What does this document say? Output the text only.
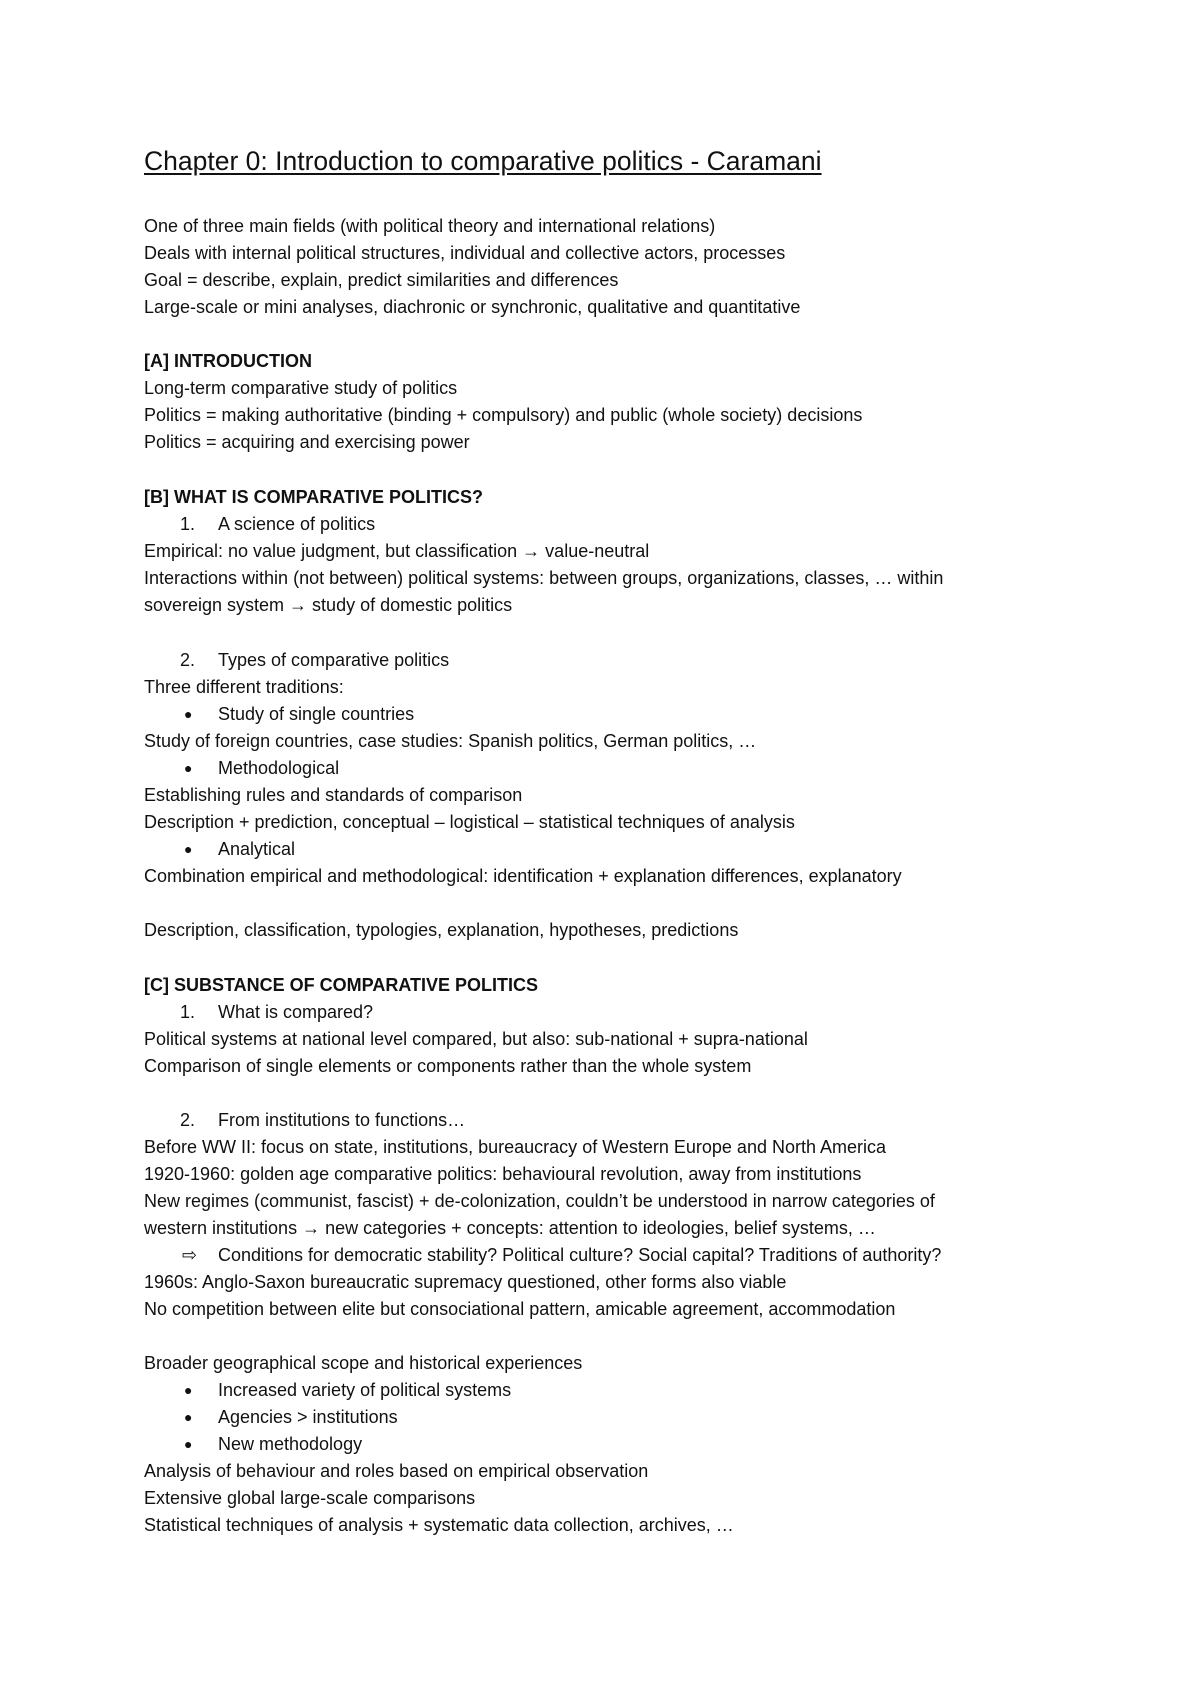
Chapter 0: Introduction to comparative politics - Caramani
One of three main fields (with political theory and international relations)
Deals with internal political structures, individual and collective actors, processes
Goal = describe, explain, predict similarities and differences
Large-scale or mini analyses, diachronic or synchronic, qualitative and quantitative
[A] INTRODUCTION
Long-term comparative study of politics
Politics = making authoritative (binding + compulsory) and public (whole society) decisions
Politics = acquiring and exercising power
[B] WHAT IS COMPARATIVE POLITICS?
1. A science of politics
Empirical: no value judgment, but classification → value-neutral
Interactions within (not between) political systems: between groups, organizations, classes, … within
sovereign system → study of domestic politics
2. Types of comparative politics
Three different traditions:
● Study of single countries
Study of foreign countries, case studies: Spanish politics, German politics, …
● Methodological
Establishing rules and standards of comparison
Description + prediction, conceptual – logistical – statistical techniques of analysis
● Analytical
Combination empirical and methodological: identification + explanation differences, explanatory
Description, classification, typologies, explanation, hypotheses, predictions
[C] SUBSTANCE OF COMPARATIVE POLITICS
1. What is compared?
Political systems at national level compared, but also: sub-national + supra-national
Comparison of single elements or components rather than the whole system
2. From institutions to functions…
Before WW II: focus on state, institutions, bureaucracy of Western Europe and North America
1920-1960: golden age comparative politics: behavioural revolution, away from institutions
New regimes (communist, fascist) + de-colonization, couldn’t be understood in narrow categories of
western institutions → new categories + concepts: attention to ideologies, belief systems, …
⇨ Conditions for democratic stability? Political culture? Social capital? Traditions of authority?
1960s: Anglo-Saxon bureaucratic supremacy questioned, other forms also viable
No competition between elite but consociational pattern, amicable agreement, accommodation
Broader geographical scope and historical experiences
● Increased variety of political systems
● Agencies > institutions
● New methodology
Analysis of behaviour and roles based on empirical observation
Extensive global large-scale comparisons
Statistical techniques of analysis + systematic data collection, archives, …
